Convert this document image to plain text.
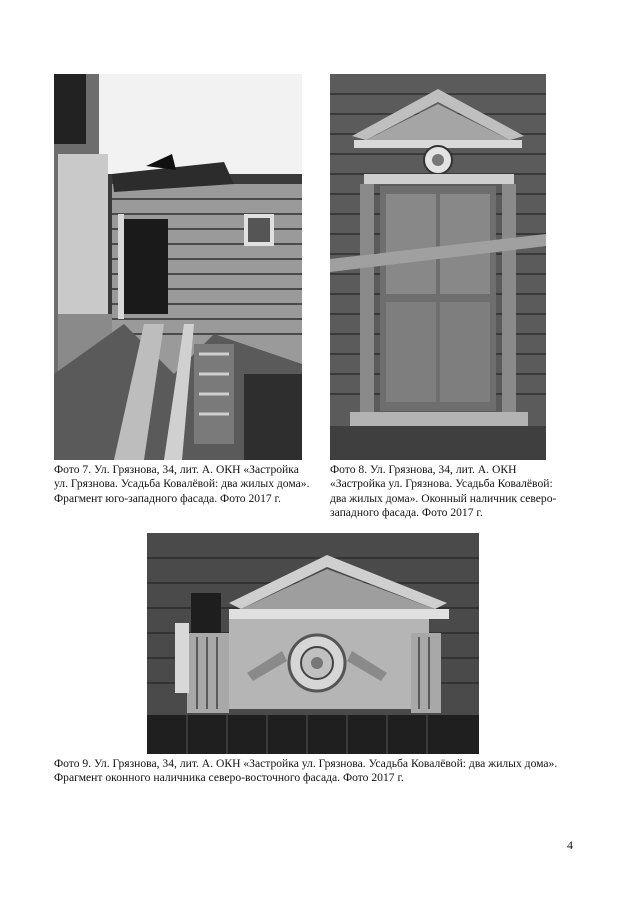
Фото 7. Ул. Грязнова, 34, лит. А. ОКН «Застройка ул. Грязнова. Усадьба Ковалёвой: два жилых дома». Фрагмент юго-западного фасада. Фото 2017 г.

Фото 8. Ул. Грязнова, 34, лит. А. ОКН «Застройка ул. Грязнова. Усадьба Ковалёвой: два жилых дома». Оконный наличник северо-западного фасада. Фото 2017 г.

Фото 9. Ул. Грязнова, 34, лит. А. ОКН «Застройка ул. Грязнова. Усадьба Ковалёвой: два жилых дома». Фрагмент оконного наличника северо-восточного фасада. Фото 2017 г.

4
